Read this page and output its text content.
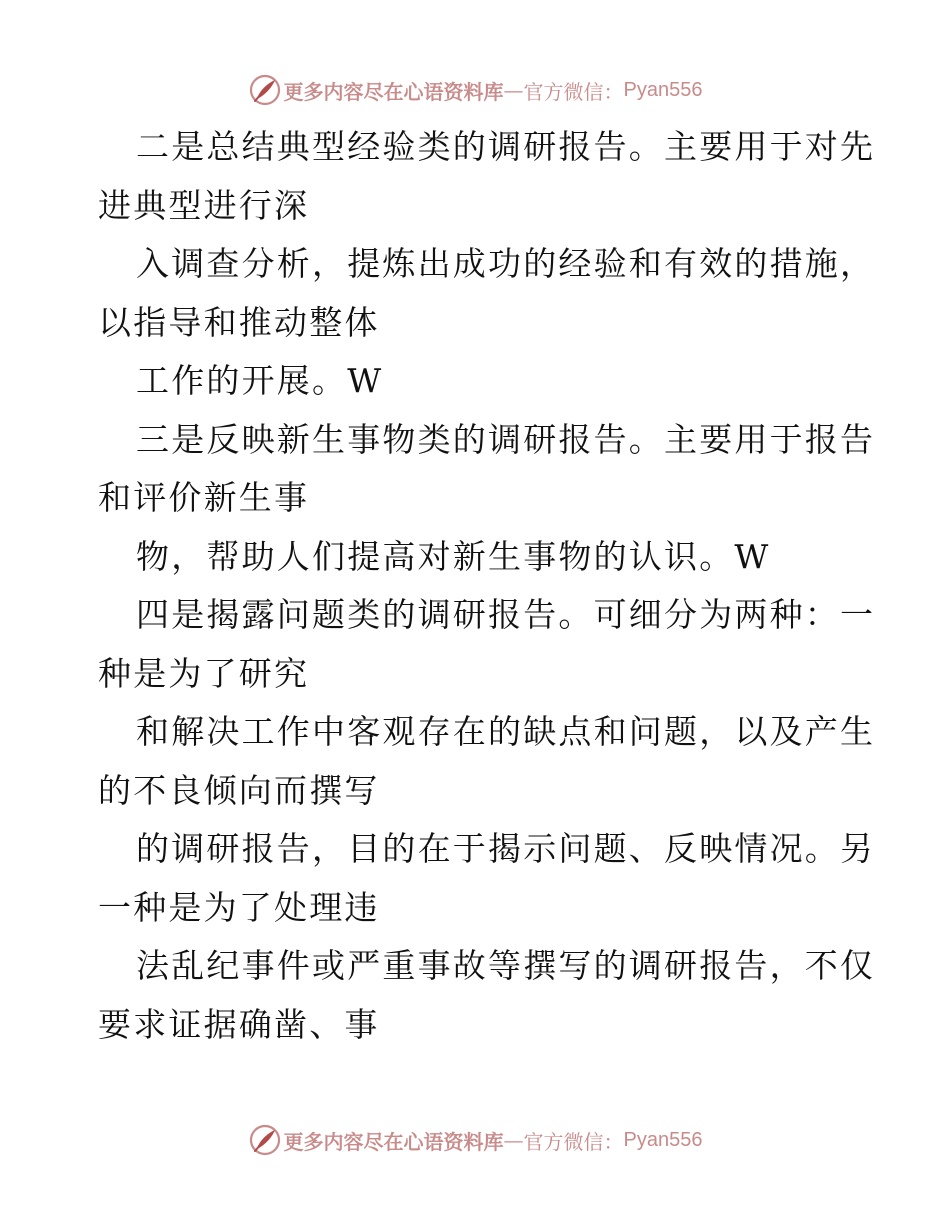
更多内容尽在心语资料库 — 官方微信： Pyan556
二是总结典型经验类的调研报告。主要用于对先
进典型进行深
入调查分析，提炼出成功的经验和有效的措施，
以指导和推动整体
工作的开展。W
三是反映新生事物类的调研报告。主要用于报告
和评价新生事
物，帮助人们提高对新生事物的认识。W
四是揭露问题类的调研报告。可细分为两种：一
种是为了研究
和解决工作中客观存在的缺点和问题，以及产生
的不良倾向而撰写
的调研报告，目的在于揭示问题、反映情况。另
一种是为了处理违
法乱纪事件或严重事故等撰写的调研报告，不仅
要求证据确凿、事
更多内容尽在心语资料库 — 官方微信： Pyan556
